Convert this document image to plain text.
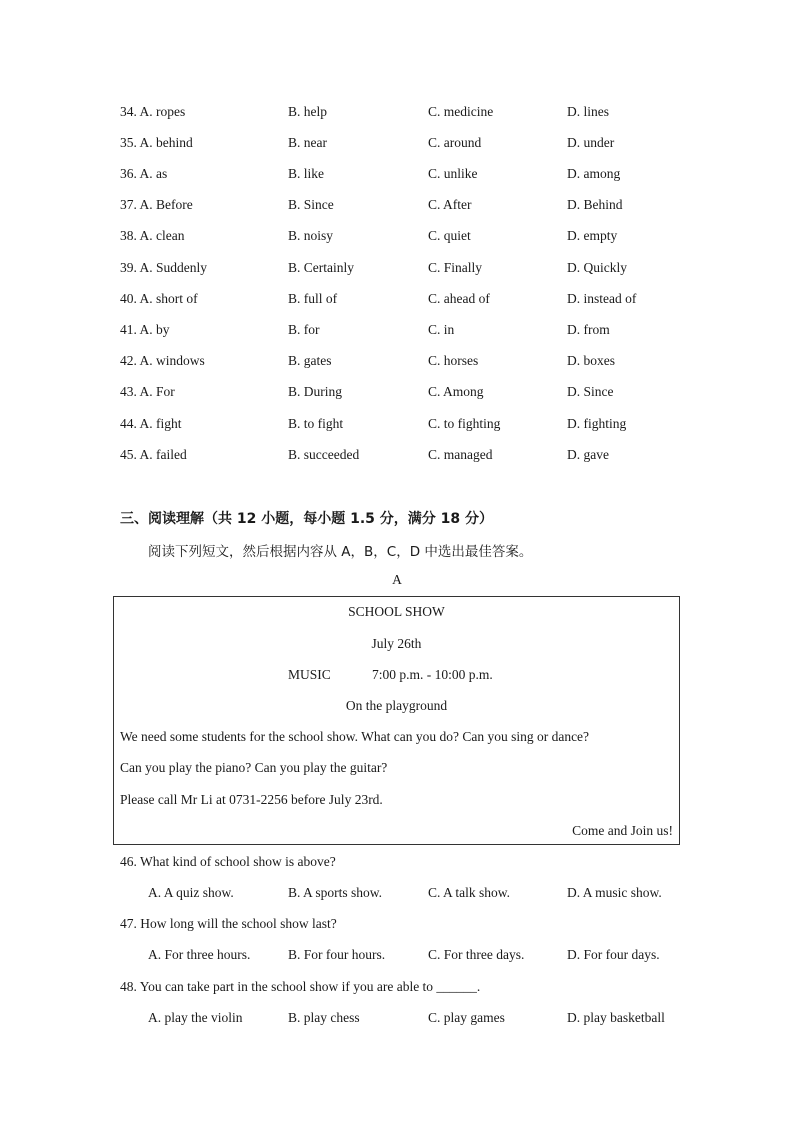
34. A. ropes	B. help	C. medicine	D. lines
35. A. behind	B. near	C. around	D. under
36. A. as	B. like	C. unlike	D. among
37. A. Before	B. Since	C. After	D. Behind
38. A. clean	B. noisy	C. quiet	D. empty
39. A. Suddenly	B. Certainly	C. Finally	D. Quickly
40. A. short of	B. full of	C. ahead of	D. instead of
41. A. by	B. for	C. in	D. from
42. A. windows	B. gates	C. horses	D. boxes
43. A. For	B. During	C. Among	D. Since
44. A. fight	B. to fight	C. to fighting	D. fighting
45. A. failed	B. succeeded	C. managed	D. gave
三、阅读理解（共 12 小题，每小题 1.5 分，满分 18 分）
阅读下列短文，然后根据内容从 A，B，C，D 中选出最佳答案。
A
SCHOOL SHOW
July 26th
MUSIC	7:00 p.m. - 10:00 p.m.
On the playground
We need some students for the school show. What can you do? Can you sing or dance?
Can you play the piano? Can you play the guitar?
Please call Mr Li at 0731-2256 before July 23rd.
Come and Join us!
46. What kind of school show is above?
A. A quiz show.	B. A sports show.	C. A talk show.	D. A music show.
47. How long will the school show last?
A. For three hours.	B. For four hours.	C. For three days.	D. For four days.
48. You can take part in the school show if you are able to ______.
A. play the violin	B. play chess	C. play games	D. play basketball
